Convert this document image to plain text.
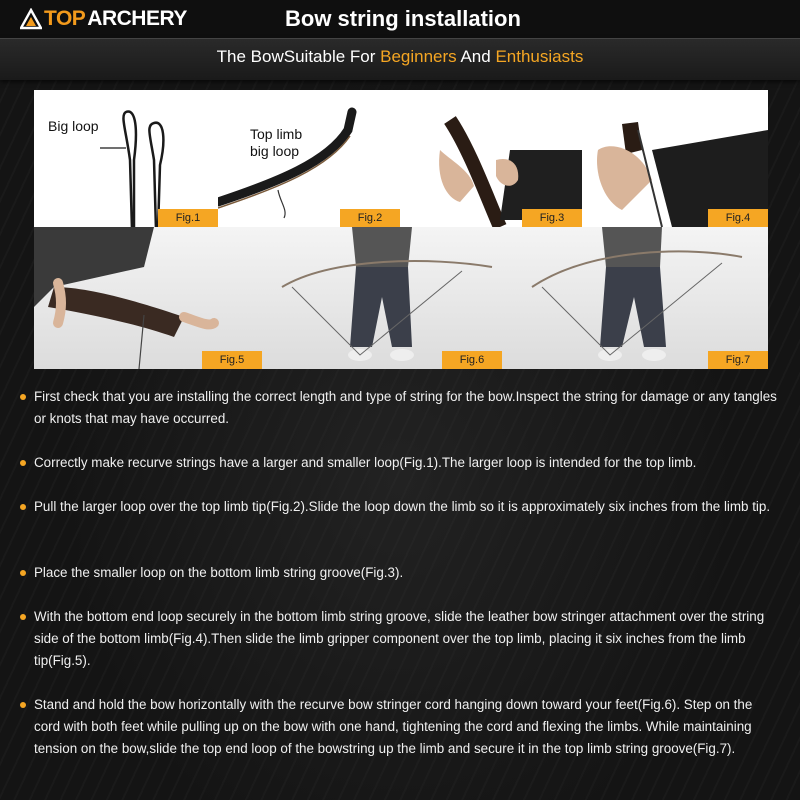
TOP ARCHERY	Bow string installation
The BowSuitable For Beginners And Enthusiasts
Big loop
Fig.1
Top limb
big loop
Fig.2	Fig.3	Fig.4
Fig.5	Fig.6	Fig.7
First check that you are installing the correct length and type of string for the bow.Inspect the string for damage or any tangles or knots that may have occurred.
Correctly make recurve strings have a larger and smaller loop(Fig.1).The larger loop is intended for the top limb.
Pull the larger loop over the top limb tip(Fig.2).Slide the loop down the limb so it is approximately six inches from the limb tip.
Place the smaller loop on the bottom limb string groove(Fig.3).
With the bottom end loop securely in the bottom limb string groove, slide the leather bow stringer attachment over the string side of the bottom limb(Fig.4).Then slide the limb gripper component over the top limb, placing it six inches from the limb tip(Fig.5).
Stand and hold the bow horizontally with the recurve bow stringer cord hanging down toward your feet(Fig.6). Step on the cord with both feet while pulling up on the bow with one hand, tightening the cord and flexing the limbs. While maintaining tension on the bow,slide the top end loop of the bowstring up the limb and secure it in the top limb string groove(Fig.7).
